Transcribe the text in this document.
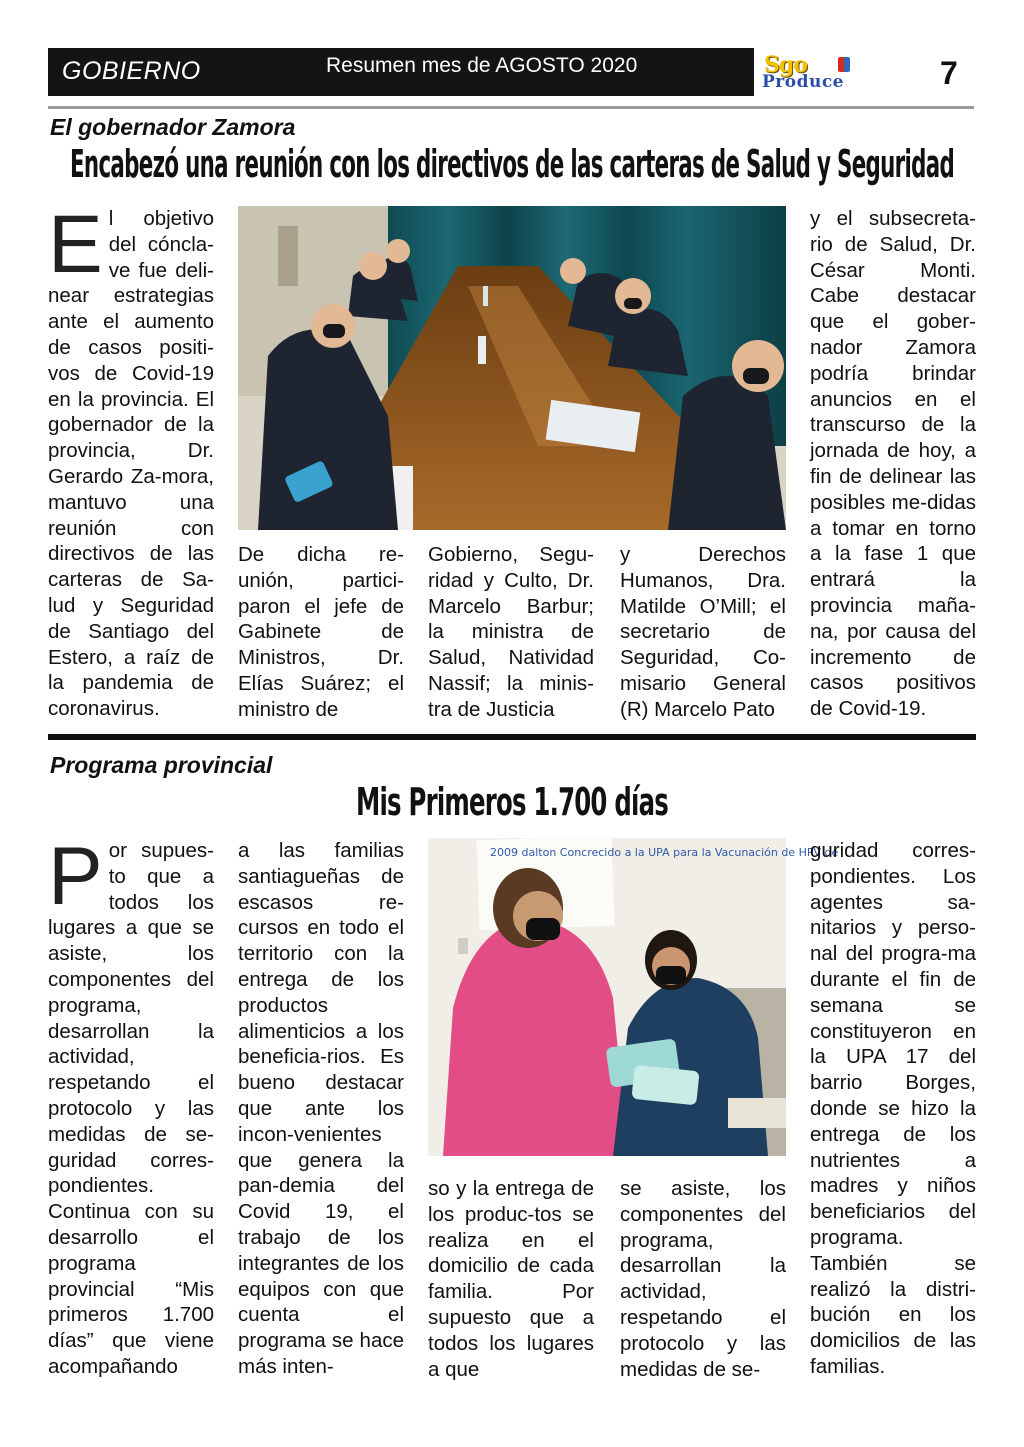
GOBIERNO	Resumen mes de AGOSTO 2020	Sgo
Produce	7
El gobernador Zamora
Encabezó una reunión con los directivos de las carteras de Salud y Seguridad
El objetivo del cóncla-ve fue deli-near estrategias ante el aumento de casos positi-vos de Covid-19 en la provincia. El gobernador de la provincia, Dr. Gerardo Za-mora, mantuvo una reunión con directivos de las carteras de Sa-lud y Seguridad de Santiago del Estero, a raíz de la pandemia de coronavirus.
De dicha re-unión, partici-paron el jefe de Gabinete de Ministros, Dr. Elías Suárez; el ministro de
Gobierno, Segu-ridad y Culto, Dr. Marcelo Barbur; la ministra de Salud, Natividad Nassif; la minis-tra de Justicia
y Derechos Humanos, Dra. Matilde O’Mill; el secretario de Seguridad, Co-misario General (R) Marcelo Pato
y el subsecreta-rio de Salud, Dr. César Monti. Cabe destacar que el gober-nador Zamora podría brindar anuncios en el transcurso de la jornada de hoy, a fin de delinear las posibles me-didas a tomar en torno a la fase 1 que entrará la provincia maña-na, por causa del incremento de casos positivos de Covid-19.
Programa provincial
Mis Primeros 1.700 días
Por supues-to que a todos los lugares a que se asiste, los componentes del programa, desarrollan la actividad, respetando el protocolo y las medidas de se-guridad corres-pondientes. Continua con su desarrollo el programa provincial “Mis primeros 1.700 días” que viene acompañando
a las familias santiagueñas de escasos re-cursos en todo el territorio con la entrega de los productos alimenticios a los beneficia-rios. Es bueno destacar que ante los incon-venientes que genera la pan-demia del Covid 19, el trabajo de los integrantes de los equipos con que cuenta el programa se hace más inten-
2009 dalton Concrecido a la UPA para la Vacunación de HPV de
so y la entrega de los produc-tos se realiza en el domicilio de cada familia. Por supuesto que a todos los lugares a que
se asiste, los componentes del programa, desarrollan la actividad, respetando el protocolo y las medidas de se-
guridad corres-pondientes. Los agentes sa-nitarios y perso-nal del progra-ma durante el fin de semana se constituyeron en la UPA 17 del barrio Borges, donde se hizo la entrega de los nutrientes a madres y niños beneficiarios del programa. También se realizó la distri-bución en los domicilios de las familias.
